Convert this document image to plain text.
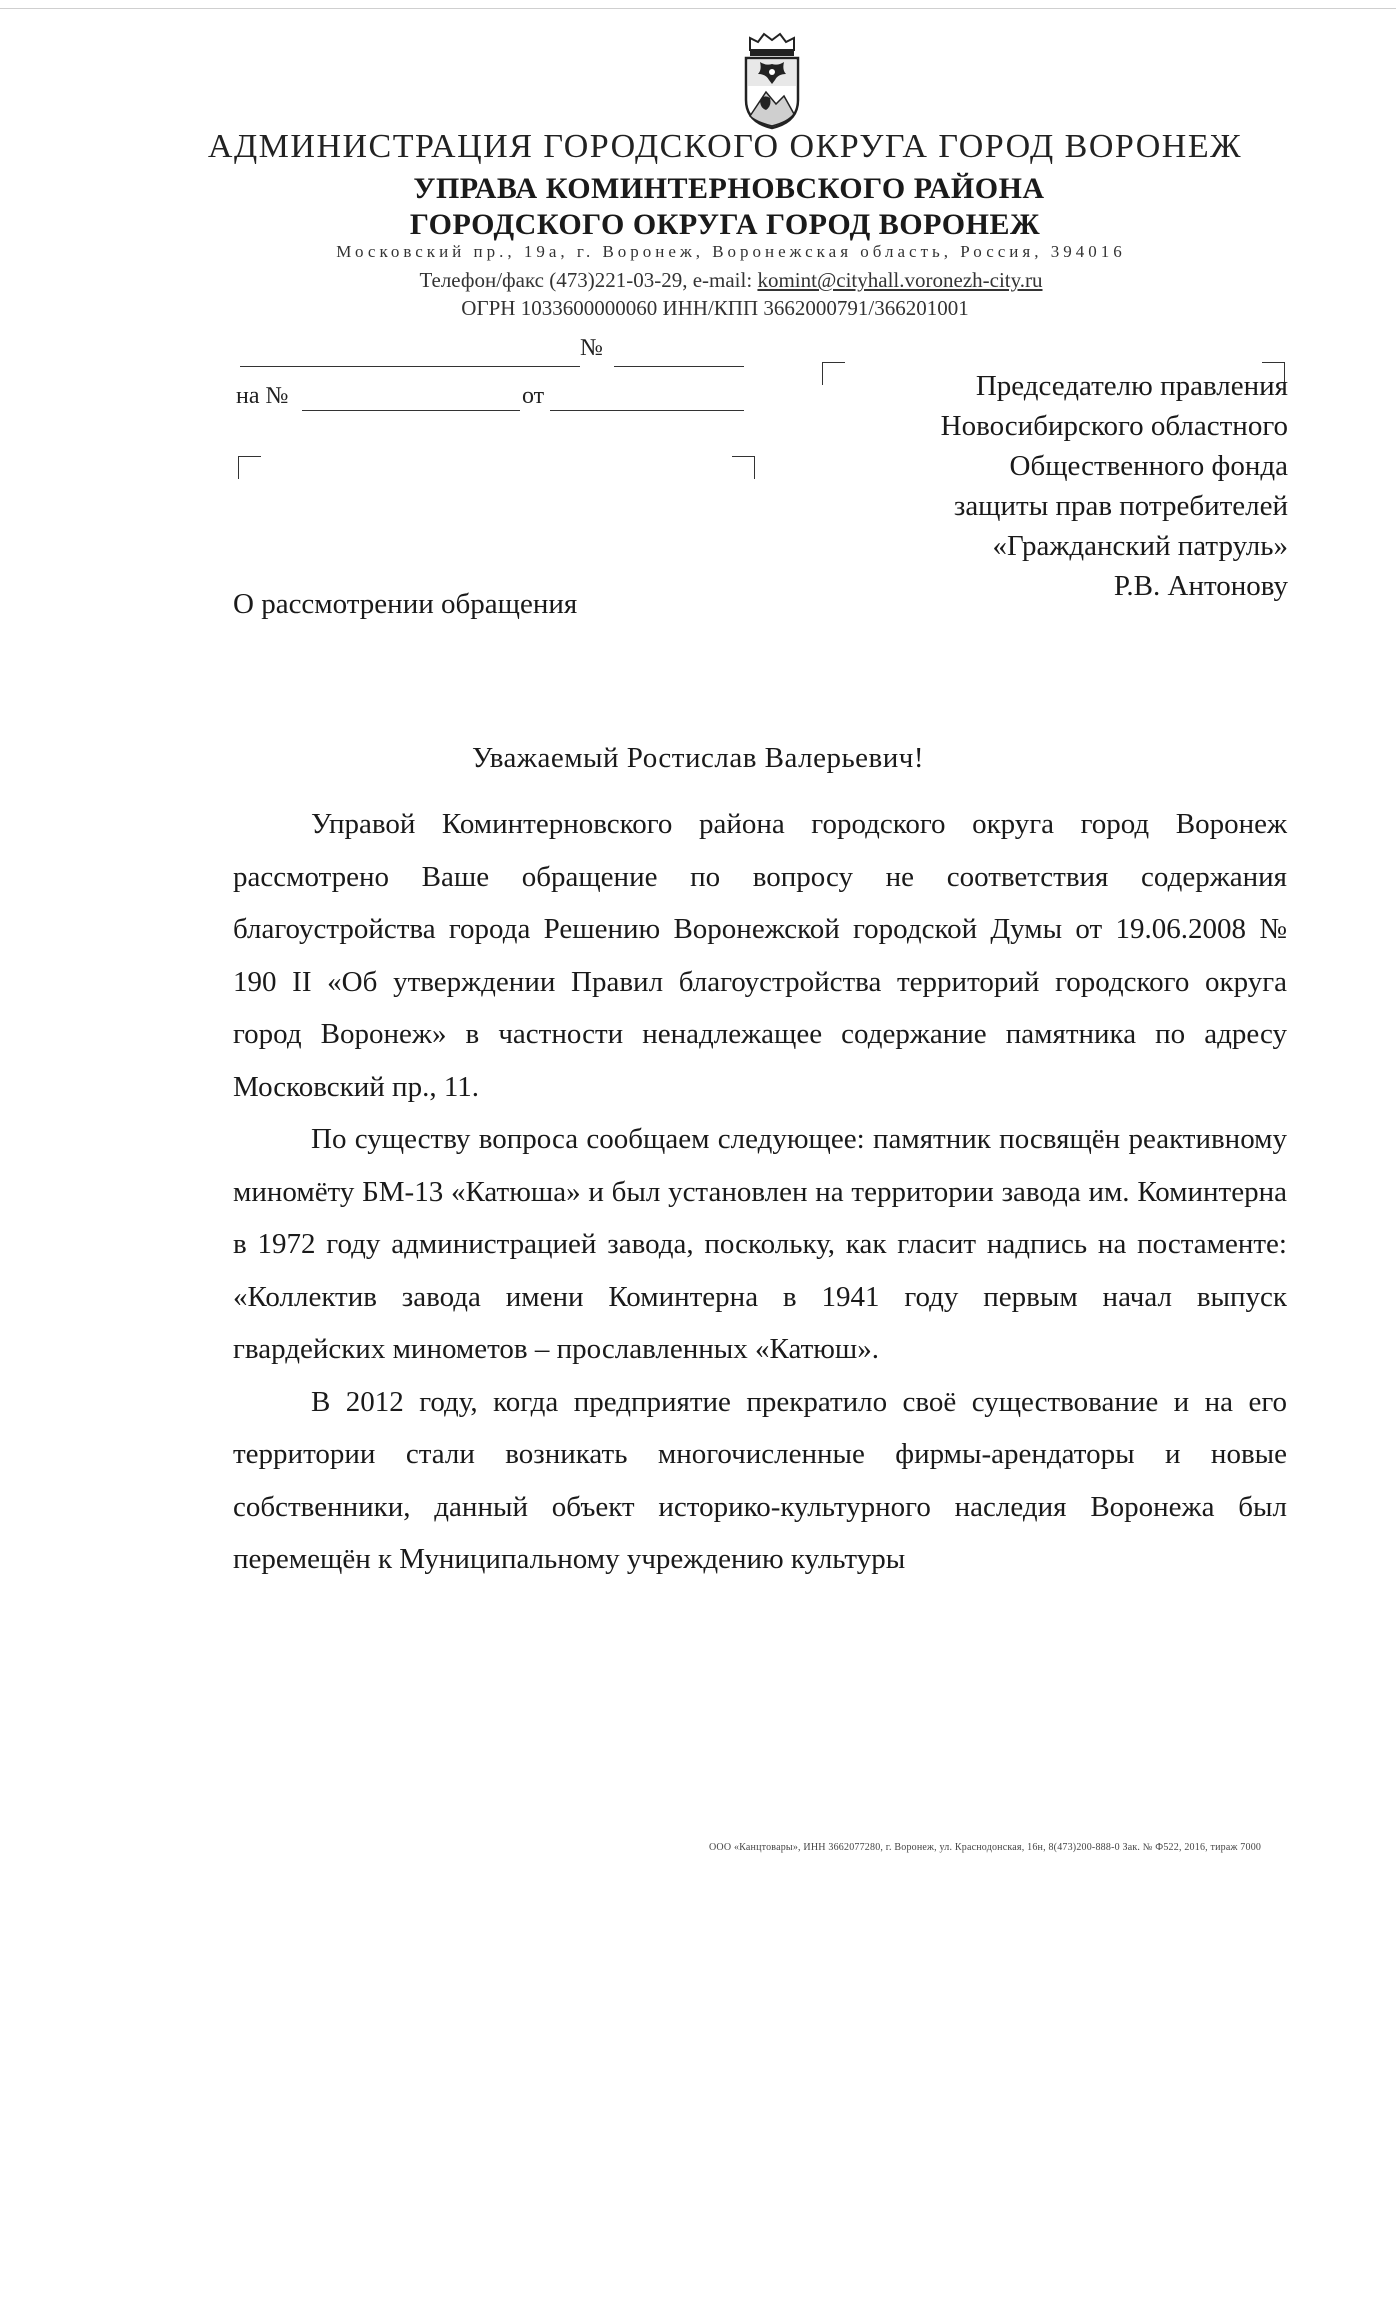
АДМИНИСТРАЦИЯ ГОРОДСКОГО ОКРУГА ГОРОД ВОРОНЕЖ
УПРАВА КОМИНТЕРНОВСКОГО РАЙОНА
ГОРОДСКОГО ОКРУГА ГОРОД ВОРОНЕЖ
Московский пр., 19а, г. Воронеж, Воронежская область, Россия, 394016
Телефон/факс (473)221-03-29, e-mail: komint@cityhall.voronezh-city.ru
ОГРН 1033600000060 ИНН/КПП 3662000791/366201001
№
на №	от	Председателю правления
Новосибирского областного
Общественного фонда
защиты прав потребителей
«Гражданский патруль»
Р.В. Антонову
О рассмотрении обращения
Уважаемый Ростислав Валерьевич!

Управой Коминтерновского района городского округа город Воронеж рассмотрено Ваше обращение по вопросу не соответствия содержания благоустройства города Решению Воронежской городской Думы от 19.06.2008 № 190 II «Об утверждении Правил благоустройства территорий городского округа город Воронеж» в частности ненадлежащее содержание памятника по адресу Московский пр., 11.

По существу вопроса сообщаем следующее: памятник посвящён реактивному миномёту БМ-13 «Катюша» и был установлен на территории завода им. Коминтерна в 1972 году администрацией завода, поскольку, как гласит надпись на постаменте: «Коллектив завода имени Коминтерна в 1941 году первым начал выпуск гвардейских минометов – прославленных «Катюш».

В 2012 году, когда предприятие прекратило своё существование и на его территории стали возникать многочисленные фирмы-арендаторы и новые собственники, данный объект историко-культурного наследия Воронежа был перемещён к Муниципальному учреждению культуры

ООО «Канцтовары», ИНН 3662077280, г. Воронеж, ул. Краснодонская, 16н, 8(473)200-888-0 Зак. № Ф522, 2016, тираж 7000
